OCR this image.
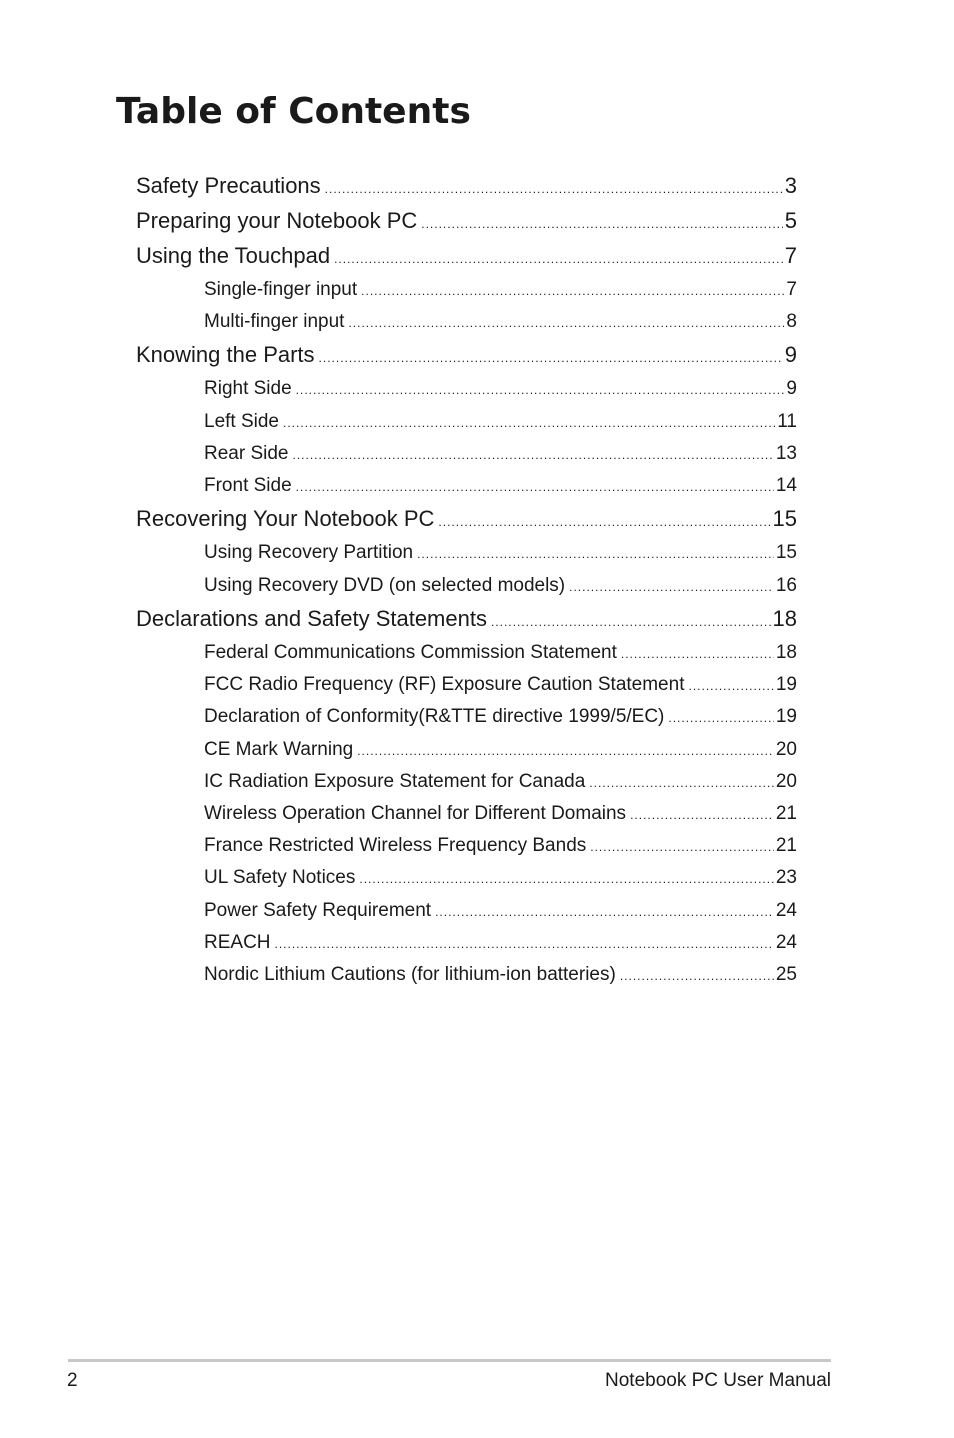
Table of Contents
Safety Precautions .....	3
Preparing your Notebook PC .....	5
Using the Touchpad .....	7
Single-finger input .....	7
Multi-finger input .....	8
Knowing the Parts .....	9
Right Side .....	9
Left Side .....	11
Rear Side .....	13
Front Side .....	14
Recovering Your Notebook PC .....	15
Using Recovery Partition .....	15
Using Recovery DVD (on selected models) .....	16
Declarations and Safety Statements .....	18
Federal Communications Commission Statement .....	18
FCC Radio Frequency (RF) Exposure Caution Statement .....	19
Declaration of Conformity(R&TTE directive 1999/5/EC) .....	19
CE Mark Warning .....	20
IC Radiation Exposure Statement for Canada .....	20
Wireless Operation Channel for Different Domains .....	21
France Restricted Wireless Frequency Bands .....	21
UL Safety Notices .....	23
Power Safety Requirement .....	24
REACH .....	24
Nordic Lithium Cautions (for lithium-ion batteries) .....	25
2	Notebook PC User Manual
